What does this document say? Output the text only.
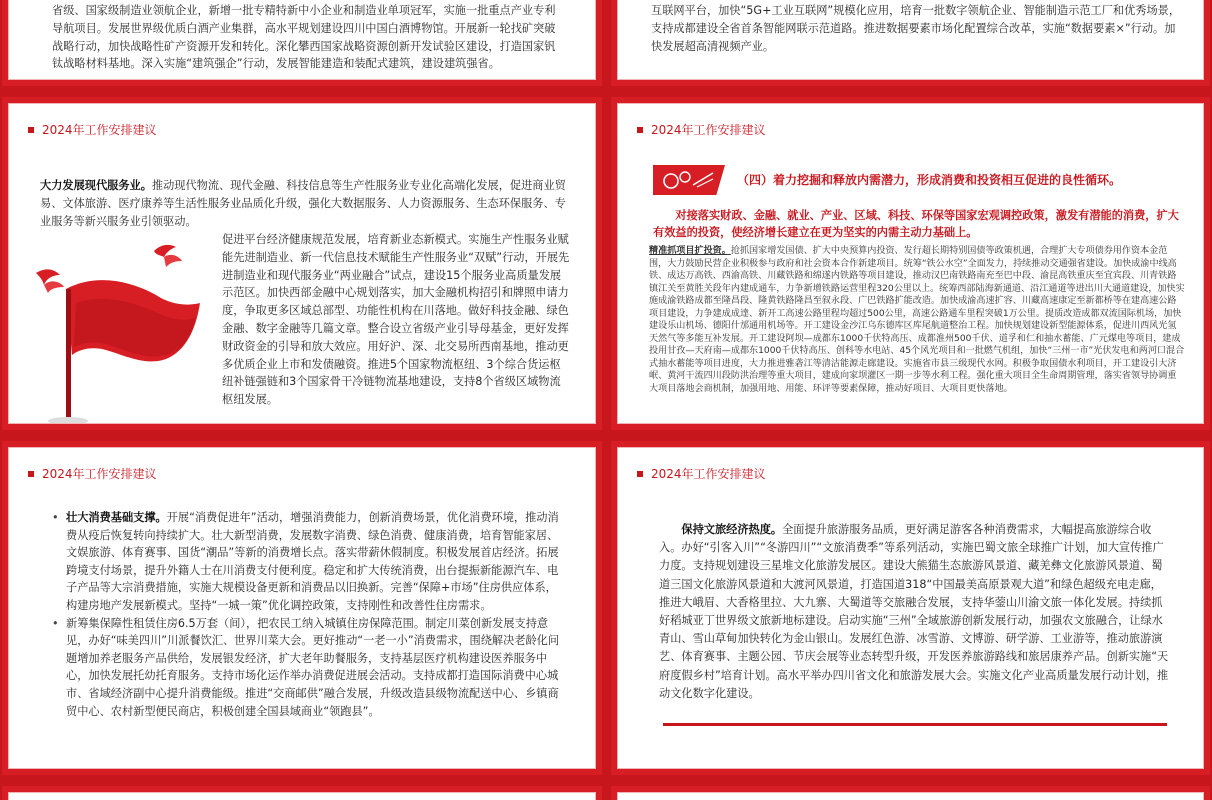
省级、国家级制造业领航企业，新增一批专精特新中小企业和制造业单项冠军，实施一批重点产业专利导航项目。发展世界级优质白酒产业集群，高水平规划建设四川中国白酒博物馆。开展新一轮找矿突破战略行动，加快战略性矿产资源开发和转化。深化攀西国家战略资源创新开发试验区建设，打造国家钒钛战略材料基地。深入实施“建筑强企”行动，发展智能建造和装配式建筑，建设建筑强省。
互联网平台，加快“5G+工业互联网”规模化应用，培育一批数字领航企业、智能制造示范工厂和优秀场景，支持成都建设全省首条智能网联示范道路。推进数据要素市场化配置综合改革，实施“数据要素×”行动。加快发展超高清视频产业。
2024年工作安排建议
大力发展现代服务业。推动现代物流、现代金融、科技信息等生产性服务业专业化高端化发展，促进商业贸易、文体旅游、医疗康养等生活性服务业品质化升级，强化大数据服务、人力资源服务、生态环保服务、专业服务等新兴服务业引领驱动。
促进平台经济健康规范发展，培育新业态新模式。实施生产性服务业赋能先进制造业、新一代信息技术赋能生产性服务业“双赋”行动，开展先进制造业和现代服务业“两业融合”试点，建设15个服务业高质量发展示范区。加快西部金融中心规划落实，加大金融机构招引和牌照申请力度，争取更多区域总部型、功能性机构在川落地。做好科技金融、绿色金融、数字金融等几篇文章。整合设立省级产业引导母基金，更好发挥财政资金的引导和放大效应。用好沪、深、北交易所西南基地，推动更多优质企业上市和发债融资。推进5个国家物流枢纽、3个综合货运枢纽补链强链和3个国家骨干冷链物流基地建设，支持8个省级区域物流枢纽发展。
2024年工作安排建议
（四）着力挖掘和释放内需潜力，形成消费和投资相互促进的良性循环。
对接落实财政、金融、就业、产业、区域、科技、环保等国家宏观调控政策，激发有潜能的消费，扩大有效益的投资，使经济增长建立在更为坚实的内需主动力基础上。
精准抓项目扩投资。抢抓国家增发国债、扩大中央预算内投资、发行超长期特别国债等政策机遇，合理扩大专项债券用作资本金范围，大力鼓励民营企业积极参与政府和社会资本合作新建项目。统筹“铁公水空”全面发力，持续推动交通强省建设。加快成渝中线高铁、成达万高铁、西渝高铁、川藏铁路和绵遂内铁路等项目建设，推动汉巴南铁路南充至巴中段、渝昆高铁重庆至宜宾段、川青铁路镇江关至黄胜关段年内建成通车，力争新增铁路运营里程320公里以上。统筹西部陆海新通道、沿江通道等进出川大通道建设，加快实施成渝铁路成都至隆昌段、隆黄铁路隆昌至叙永段、广巴铁路扩能改造。加快成渝高速扩容、川藏高速康定至新都桥等在建高速公路项目建设，力争建成成達、新开工高速公路里程均超过500公里，高速公路通车里程突破1万公里。提质改造成都双流国际机场，加快建设乐山机场、德阳什邡通用机场等。开工建设金沙江乌东德库区库尾航道整治工程。加快规划建设新型能源体系，促进川西风光氢天然气等多能互补发展。开工建设阿坝—成都东1000千伏特高压、成都淮州500千伏、道孚和仁和抽水蓄能、广元煤电等项目，建成投用甘孜—天府南—成都东1000千伏特高压、创科等水电站、45个风光项目和一批燃气机组，加快“三州一市”光伏发电和两河口混合式抽水蓄能等项目进度，大力推进雅砻江等清洁能源走廊建设。实施省市县三级现代水网。积极争取国债水利项目，开工建设引大济岷、黄河干流四川段防洪治理等重大项目，建成向家坝灌区一期一步等水利工程。强化重大项目全生命周期管理，落实省领导协调重大项目落地会商机制，加强用地、用能、环评等要素保障，推动好项目、大项目更快落地。
2024年工作安排建议
• 壮大消费基础支撑。开展“消费促进年”活动，增强消费能力，创新消费场景，优化消费环境，推动消费从疫后恢复转向持续扩大。壮大新型消费，发展数字消费、绿色消费、健康消费，培育智能家居、文娱旅游、体育赛事、国货“潮品”等新的消费增长点。落实带薪休假制度。积极发展首店经济。拓展跨境支付场景，提升外籍人士在川消费支付便利度。稳定和扩大传统消费，出台提振新能源汽车、电子产品等大宗消费措施，实施大规模设备更新和消费品以旧换新。完善“保障+市场”住房供应体系，构建房地产发展新模式。坚持“一城一策”优化调控政策，支持刚性和改善性住房需求。
• 新筹集保障性租赁住房6.5万套（间），把农民工纳入城镇住房保障范围。制定川菜创新发展支持意见，办好“味美四川”川派餐饮汇、世界川菜大会。更好推动“一老一小”消费需求，围绕解决老龄化问题增加养老服务产品供给，发展银发经济，扩大老年助餐服务，支持基层医疗机构建设医养服务中心，加快发展托幼托育服务。支持市场化运作举办消费促进展会活动。支持成都打造国际消费中心城市、省域经济副中心提升消费能级。推进“交商邮供”融合发展，升级改造县级物流配送中心、乡镇商贸中心、农村新型便民商店，积极创建全国县域商业“领跑县”。
2024年工作安排建议
保持文旅经济热度。全面提升旅游服务品质，更好满足游客各种消费需求，大幅提高旅游综合收入。办好“引客入川”“冬游四川”“文旅消费季”等系列活动，实施巴蜀文旅全球推广计划，加大宣传推广力度。支持规划建设三星堆文化旅游发展区。建设大熊猫生态旅游风景道、藏羌彝文化旅游风景道、蜀道三国文化旅游风景道和大渡河风景道，打造国道318“中国最美高原景观大道”和绿色超级充电走廊，推进大峨眉、大香格里拉、大九寨、大蜀道等交旅融合发展，支持华蓥山川渝文旅一体化发展。持续抓好稻城亚丁世界级文旅新地标建设。启动实施“三州”全域旅游创新发展行动，加强农文旅融合，让绿水青山、雪山草甸加快转化为金山银山。发展红色游、冰雪游、文博游、研学游、工业游等，推动旅游演艺、体育赛事、主题公园、节庆会展等业态转型升级，开发医养旅游路线和旅居康养产品。创新实施“天府度假乡村”培育计划。高水平举办四川省文化和旅游发展大会。实施文化产业高质量发展行动计划，推动文化数字化建设。
